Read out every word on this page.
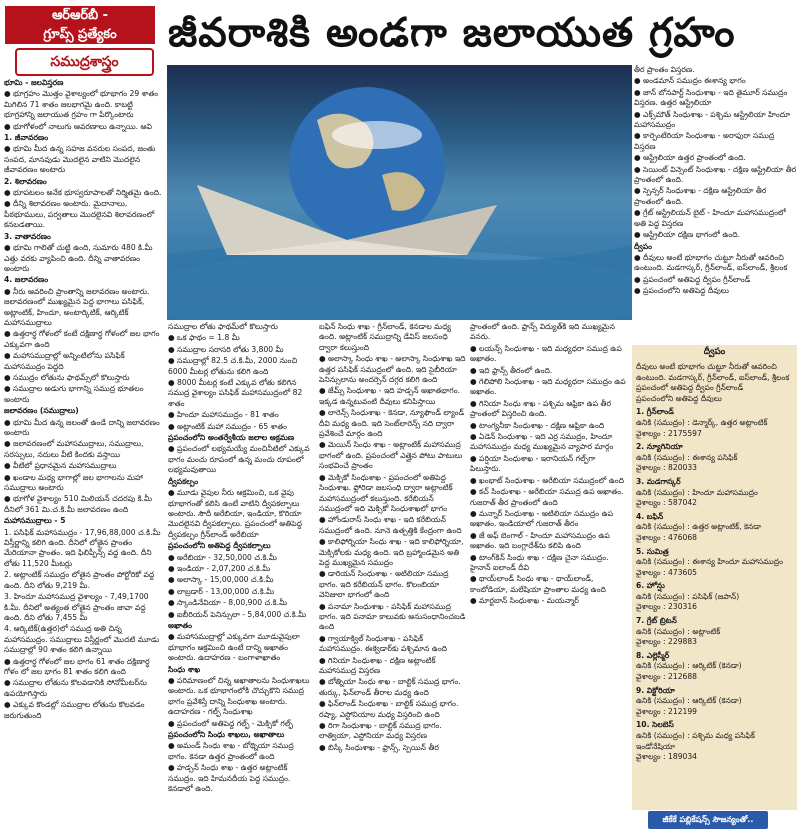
ఆర్‌ఆర్‌బీ -
గ్రూప్స్ ప్రత్యేకం
సముద్రశాస్త్రం
జీవరాశికి అండగా జలాయుత గ్రహం

భూమి - జలవిస్తరణ

● భూగ్రహం మొత్తం వైశాల్యంలో భూభాగం 29 శాతం మిగిలిన 71 శాతం జలభాగమై ఉంది. కాబట్టి భూగ్రహాన్ని జలాయుత గ్రహం గా పేర్కొంటారు

● భూగోళంలో నాలుగు ఆవరణాలు ఉన్నాయి. అవి

1. జీవావరణం

● భూమి మీద ఉన్న సహజ వనరుల సంపద, జంతు సంపద, మానవుడు మొదలైన వాటిని మొదలైన జీవావరణం అంటారు

2. శిలావరణం

● భూపటలం అనేక భూస్వరూపాలతో నిర్మితమై ఉంది.

● దీన్ని శిలావరణం అంటారు. మైదానాలు, పీఠభూములు, పర్వతాలు మొదలైనవి శిలావరణంలో కనబడతాయి.

3. వాతావరణం

● భూమి గాలితో చుట్టి ఉంది, సుమారు 480 కి.మీ ఎత్తు వరకు వ్యాపించి ఉంది. దీన్ని వాతావరణం అంటారు

4. జలావరణం

● నీరు ఆవరించి ప్రాంతాన్ని జలావరణం అంటారు. జలావరణంలో ముఖ్యమైన పెద్ద భాగాలు పసిఫిక్, అట్లాంటిక్, హిందూ, అంటార్కిటిక్, ఆర్కిటిక్ మహాసముద్రాలు

● ఉత్తరార్ధ గోళంలో కంటే దక్షిణార్ధ గోళంలో జల భాగం ఎక్కువగా ఉంది

● మహాసముద్రాల్లో అన్నింటిలోను పసిఫిక్ మహాసముద్రం పెద్దది

● సముద్రం లోతును ఫాథమ్స్‌లో కొలుస్తారు

● సముద్రాల అడుగు భాగాన్ని సముద్ర భూతలం అంటారు

జలావరణం (సముద్రాలు)

● భూమి మీద ఉన్న జలంతో ఉండే దాన్ని జలావరణం అంటారు

● జలావరణంలో మహాసముద్రాలు, సముద్రాలు, సరస్సులు, నదులు వీటి కిందకు వస్తాయి

● వీటిలో ప్రధానమైన మహాసముద్రాలు

● ఖండాల మధ్య భాగాల్లో జల భాగాలను మహా సముద్రాలు అంటారు

● భూగోళ వైశాల్యం 510 మిలియన్ చదరపు కి.మీ దీనిలో 361 మి.చ.కి.మీ జలావరణం ఉంది

మహాసముద్రాలు - 5

1. పసిఫిక్ మహాసముద్రం - 17,96,88,000 చ.కి.మీ విస్తీర్ణాన్ని కలిగి ఉంది. దీనిలో లోతైన ప్రాంతం మేరియానా ప్రాంతం. ఇది ఫిలిప్పీన్స్ వద్ద ఉంది. దీని లోతు 11,520 మీటర్లు

2. అట్లాంటిక్ సముద్రం లోతైన ప్రాంతం పోర్టోరికో వద్ద ఉంది. దీని లోతు 9,219 మీ.

3. హిందూ మహాసముద్ర వైశాల్యం - 7,49,1700 కి.మీ. దీనిలో అత్యంత లోతైన ప్రాంతం జావా వద్ద ఉంది. దీని లోతు 7,455 మీ

4. ఆర్కిటిక్(ఉత్తర)లో సముద్ర అతి చిన్న మహాసముద్రం. సముద్రాలు విస్తీర్ణంలో మొదటి మూడు సముద్రాల్లో 90 శాతం కలిగి ఉన్నాయి

● ఉత్తరార్ధ గోళంలో జల భాగం 61 శాతం దక్షిణార్ధ గోళం లో జల భాగం 81 శాతం కలిగి ఉంది

● సముద్రాల లోతును కొలవడానికి సోనోమీటర్‌ను ఉపయోగిస్తారు

● ఎక్కువ కొండల్లో సముద్రాల లోతును కొలవడం జరుగుతుంది

సముద్రాల లోతు ఫాథమ్‌లో కొలుస్తారు

● ఒక ఫాథం = 1.8 మీ

● సముద్రాల సరాసరి లోతు 3,800 మీ

● సముద్రాల్లో 82.5 చ.కి.మీ, 2000 నుంచి 6000 మీటర్ల లోతును కలిగి ఉంది

● 8000 మీటర్ల కంటే ఎక్కువ లోతు కలిగిన సముద్ర వైశాల్యం పసిఫిక్ మహాసముద్రంలో 82 శాతం

● హిందూ మహాసముద్రం - 81 శాతం

● అట్లాంటిక్ మహా సముద్రం - 65 శాతం

ప్రపంచంలోని అంతర్వేశీయ జలాల ఆక్రమణ

● ప్రపంచంలో లభ్యమయ్యే మంచినీటిలో ఎక్కువ భాగం మంచు రూపంలో ఉన్న మంచు రూపంలో లభ్యమవుతాయి

ద్వీపకల్పం

● మూడు వైపుల నీరు ఆక్రమించి, ఒక వైపు భూభాగంతో కలిసి ఉంటే వాటిని ద్వీపకల్పాలు అంటారు. సౌదీ అరేబియా, ఇండియా, కొరియా మొదలైనవి ద్వీపకల్పాలు. ప్రపంచంలో అతిపెద్ద ద్వీపకల్పం గ్రీన్‌లాండ్ అరేబియా

ప్రపంచంలోని అతిపెద్ద ద్వీపకల్పాలు

● అరేబియా - 32,50,000 చ.కి.మీ

● ఇండియా - 2,07,200 చ.కి.మీ

● అలాస్కా - 15,00,000 చ.కి.మీ

● లాబ్రడార్ - 13,00,000 చ.కి.మీ

● స్కాండినేవియా - 8,00,900 చ.కి.మీ

● ఐబీరియన్ పెనిన్సులా - 5,84,000 చ.కి.మీ

అఖాతం

● మహాసముద్రాల్లో ఎక్కువగా మూడువైపులా భూభాగం ఆక్రమించి ఉంటే దాన్ని అఖాతం అంటారు. ఉదాహరణ - బంగాళాఖాతం

సింధు శాఖ

● పరిమాణంలో చిన్న అఖాతాలను సింధుశాఖలు అంటారు. ఒక భూభాగంలోకి చొచ్చుకొని సముద్ర భాగం ప్రవేశిస్తే దాన్ని సింధుశాఖ అంటారు. ఉదాహరణ - గల్ఫ్ సింధుశాఖ

● ప్రపంచంలో అతిపెద్ద గల్ఫ్ - మెక్సికో గల్ఫ్

ప్రపంచంలోని సింధు శాఖలు, అఖాతాలు

● అమండ్ సింధు శాఖ - బోథ్నియా సముద్ర భాగం. కెనడా ఉత్తర ప్రాంతంలో ఉంది

● హడ్సన్ సింధు శాఖ - ఉత్తర అట్లాంటిక్ సముద్రం. ఇది హిమనదీయ పెద్ద సముద్రం. కెనడాలో ఉంది.

బఫిన్ సింధు శాఖ - గ్రీన్‌లాండ్, కెనడాల మధ్య ఉంది. అట్లాంటిక్ సముద్రాన్ని డేవిస్ జలసంధి ద్వారా కలుస్తుంది

● అలాస్కా సింధు శాఖ - అలాస్కా సింధుశాఖ ఇది ఉత్తర పసిఫిక్ సముద్రంలో ఉంది. ఇది సైబీరియా పెనిన్సులాను అందర్సెన్ దగ్గర కలిగి ఉంది

● జేమ్స్ సింధుశాఖ - ఇది హడ్సన్ అఖాతభాగం. ఇక్కడ ఉన్నటువంటి దీవులు కనిపిస్తాయి

● లారెన్స్ సింధుశాఖ - కెనడా, న్యూఫౌండ్ ల్యాండ్ దీవి మధ్య ఉంది. ఇది సెంట్‌లారెన్స్ నది ద్వారా ప్రవేశించే మార్గం ఉంది

● మెయిన్ సింధు శాఖ - అట్లాంటిక్ మహాసముద్ర భాగంలో ఉంది. ప్రపంచంలో ఎత్తైన పోటు పాటులు సంభవించే ప్రాంతం

● మెక్సికో సింధుశాఖ - ప్రపంచంలో అతిపెద్ద సింధుశాఖ. ఫ్లోరిడా జలసంధి ద్వారా అట్లాంటిక్ మహాసముద్రంలో కలుస్తుంది. కరేబియన్ సముద్రంలో ఇది మెక్సికో సింధుశాఖలో భాగం

● హోండురాస్ సింధు శాఖ - ఇది కరేబియన్ సముద్రంలో ఉంది. నూనె ఉత్పత్తికి కేంద్రంగా ఉంది

● కాలిఫోర్నియా సింధు శాఖ - ఇది కాలిఫోర్నియా, మెక్సికోలకు మధ్య ఉంది. ఇది బ్రహ్మాండమైన అతి పెద్ద ముఖ్యమైన సముద్రం

● డారియన్ సింధుశాఖ - అటిలియా సముద్ర భాగం. ఇది కరేబియన్ భాగం. కొలంబియా వెనిజులా భాగంలో ఉంది

● పనామా సింధుశాఖ - పసిఫిక్ మహాసముద్ర భాగం. ఇది పనామా కాలువకు అనుసంధానించబడి ఉంది

● గ్వాయాక్విల్ సింధుశాఖ - పసిఫిక్ మహాసముద్రం. ఈక్వెడార్‌కు పశ్చిమాన ఉంది

● గినియా సింధుశాఖ - దక్షిణ అట్లాంటిక్ మహాసముద్ర విస్తరణ

● బోత్నియా సింధు శాఖ - బాల్టిక్ సముద్ర భాగం. తుర్కు, ఫిన్‌లాండ్ తీరాల మధ్య ఉంది

● ఫిన్‌లాండ్ సింధుశాఖ - బాల్టిక్ సముద్ర భాగం. రష్యా, ఎస్టోనియాల మధ్య విస్తరించి ఉంది

● రిగా సింధుశాఖ - బాల్టిక్ సముద్ర భాగం. లాత్వియా, ఎస్టోనియా మధ్య విస్తరణ

● బిస్కే సింధుశాఖ - ఫ్రాన్స్, స్పెయిన్ తీర

ప్రాంతంలో ఉంది. ఫ్రాన్స్ విద్యుత్‌కి ఇది ముఖ్యమైన వనరు.

● లయన్స్ సింధుశాఖ - ఇది మధ్యధరా సముద్ర ఉప అఖాతం.

● ఇది ఫ్రాన్స్ తీరంలో ఉంది.

● గెలిపోలి సింధుశాఖ - ఇది మధ్యధరా సముద్రం ఉప అఖాతం.

● గినియా సింధు శాఖ - పశ్చిమ ఆఫ్రికా ఉప తీర ప్రాంతంలో విస్తరించి ఉంది.

● టాంగ్యనీకా సింధుశాఖ - దక్షిణ ఆఫ్రికా ఉంది

● ఏడెన్ సింధుశాఖ - ఇది ఎర్ర సముద్రం, హిందూ మహాసముద్రం మధ్య ముఖ్యమైన వ్యాపార మార్గం

● పర్షియా సింధుశాఖ - ఇరానియన్ గల్ఫ్‌గా పిలుస్తారు.

● ఖంభాట్ సింధుశాఖ - అరేబియా సముద్రంలో ఉంది

● కచ్ సింధుశాఖ - అరేబియా సముద్ర ఉప అఖాతం. గుజరాత్ తీర ప్రాంతంలో ఉంది

● మన్నార్ సింధుశాఖ - అటిలియా సముద్రం ఉప అఖాతం. ఇండియాలో గుజరాత్ తీరం

● జే అఫ్ బెంగాల్ - హిందూ మహాసముద్రం ఉప అఖాతం. ఇది బంగ్లాదేశ్‌ను కలిపి ఉంది

● టాంగ్‌కిన్ సింధు శాఖ - దక్షిణ చైనా సముద్రం. హైనాన్ ఐలాండ్ దీవి

● థాయ్‌లాండ్ సింధు శాఖ - థాయ్‌లాండ్, కాంబోడియా, మలేషియా ప్రాంతాల మధ్య ఉంది

● మార్టబాన్ సింధుశాఖ - మయన్మార్

తీర ప్రాంతం విస్తరణ.

● అండమాన్ సముద్రం ఈశాన్య భాగం

● జాన్ బోనపార్ట్ సింధుశాఖ - ఇది తైమూర్ సముద్రం విస్తరణ. ఉత్తర ఆస్ట్రేలియా

● ఎక్స్‌మౌత్ సింధుశాఖ - పశ్చిమ ఆస్ట్రేలియా హిందూ మహాసముద్రం

● కార్పెంటేరియా సింధుశాఖ - అరాఫురా సముద్ర విస్తరణ

● ఆస్ట్రేలియా ఉత్తర ప్రాంతంలో ఉంది.

● సెయింట్ విన్సెంట్ సింధుశాఖ - దక్షిణ ఆస్ట్రేలియా తీర ప్రాంతంలో ఉంది.

● స్పెన్సర్ సింధుశాఖ - దక్షిణ ఆస్ట్రేలియా తీర ప్రాంతంలో ఉంది.

● గ్రేట్ ఆస్ట్రేలియన్ బైట్ - హిందూ మహాసముద్రంలో అతి పెద్ద విస్తరణ

● ఆస్ట్రేలియా దక్షిణ భాగంలో ఉంది.

ద్వీపం

● దీవులు అంటే భూభాగం చుట్టూ నీరుతో ఆవరించి ఉంటుంది. మడగాస్కర్, గ్రీన్‌లాండ్, ఐస్‌లాండ్, శ్రీలంక

● ప్రపంచంలో అతిపెద్ద ద్వీపం గ్రీన్‌లాండ్

● ప్రపంచంలోని అతిపెద్ద దీవులు

ద్వీపం
దీవులు అంటే భూభాగం చుట్టూ నీరుతో ఆవరించి ఉంటుంది. మడగాస్కర్, గ్రీన్‌లాండ్, ఐస్‌లాండ్, శ్రీలంక
ప్రపంచంలో అతిపెద్ద ద్వీపం గ్రీన్‌లాండ్
ప్రపంచంలోని అతిపెద్ద దీవులు
1. గ్రీన్‌లాండ్
ఉనికి (సముద్రం) : డెన్మార్క్, ఉత్తర అట్లాంటిక్
వైశాల్యం : 2175597
2. న్యూగినియా
ఉనికి (సముద్రం) : ఈశాన్య పసిఫిక్
వైశాల్యం : 820033
3. మడగాస్కర్
ఉనికి (సముద్రం) : హిందూ మహాసముద్రం
వైశాల్యం : 587042
4. బఫిన్
ఉనికి (సముద్రం) : ఉత్తర అట్లాంటిక్, కెనడా
వైశాల్యం : 476068
5. సుమిత్ర
ఉనికి (సముద్రం) : ఈశాన్య హిందూ మహాసముద్రం
వైశాల్యం : 473605
6. హోన్షు
ఉనికి (సముద్రం) : పసిఫిక్ (జపాన్)
వైశాల్యం : 230316
7. గ్రేట్ బ్రిటన్
ఉనికి (సముద్రం) : అట్లాంటిక్
వైశాల్యం : 229883
8. ఎల్లెస్మీర్
ఉనికి (సముద్రం) : ఆర్కిటిక్ (కెనడా)
వైశాల్యం : 212688
9. విక్టోరియా
ఉనికి (సముద్రం) : ఆర్కిటిక్ (కెనడా)
వైశాల్యం : 212199
10. సెలబెస్
ఉనికి (సముద్రం) : పశ్చిమ మధ్య పసిఫిక్ ఇండోనేషియా
వైశాల్యం : 189034
జీకేకే పబ్లికేషన్స్ సౌజన్యంతో..
